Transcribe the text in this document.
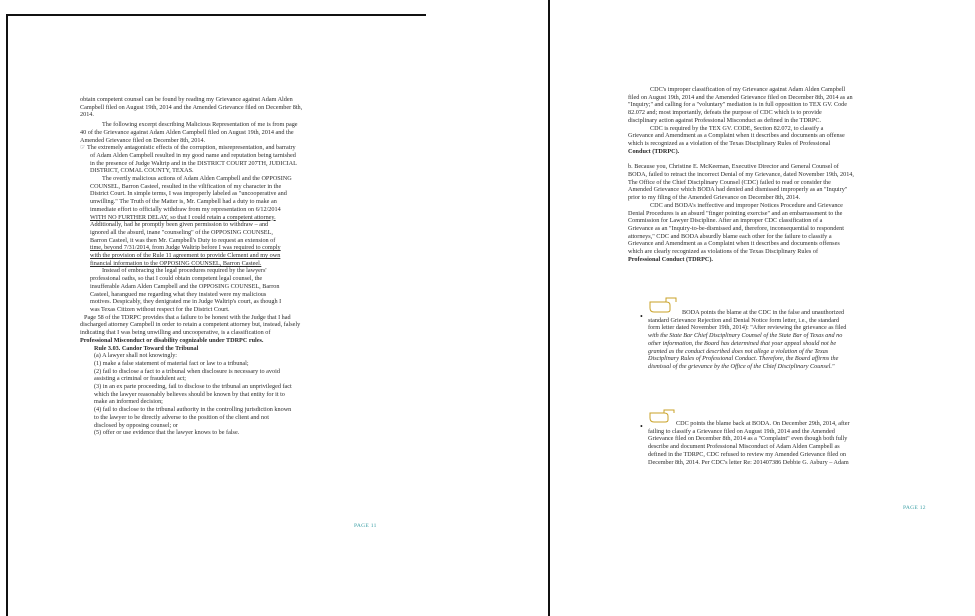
obtain competent counsel can be found by reading my Grievance against Adam Alden

Campbell filed on August 19th, 2014 and the Amended Grievance filed on December 8th,

2014.

The following excerpt describing Malicious Representation of me is from page

40 of the Grievance against Adam Alden Campbell filed on August 19th, 2014 and the

Amended Grievance filed on December 8th, 2014.

☞ The extremely antagonistic effects of the corruption, misrepresentation, and barratry

of Adam Alden Campbell resulted in my good name and reputation being tarnished

in the presence of Judge Waltrip and in the DISTRICT COURT 207TH, JUDICIAL

DISTRICT, COMAL COUNTY, TEXAS.

The overtly malicious actions of Adam Alden Campbell and the OPPOSING

COUNSEL, Barron Casteel, resulted in the vilification of my character in the

District Court. In simple terms, I was improperly labeled as "uncooperative and

unwilling." The Truth of the Matter is, Mr. Campbell had a duty to make an

immediate effort to officially withdraw from my representation on 6/12/2014

WITH NO FURTHER DELAY, so that I could retain a competent attorney.

Additionally, had he promptly been given permission to withdraw – and

ignored all the absurd, inane "counseling" of the OPPOSING COUNSEL,

Barron Casteel, it was then Mr. Campbell's Duty to request an extension of

time, beyond 7/31/2014, from Judge Waltrip before I was required to comply

with the provision of the Rule 11 agreement to provide Clement and my own

financial information to the OPPOSING COUNSEL, Barron Casteel.

Instead of embracing the legal procedures required by the lawyers'

professional oaths, so that I could obtain competent legal counsel, the

insufferable Adam Alden Campbell and the OPPOSING COUNSEL, Barron

Casteel, harangued me regarding what they insisted were my malicious

motives. Despicably, they denigrated me in Judge Waltrip's court, as though I

was Texas Citizen without respect for the District Court.

Page 58 of the TDRPC provides that a failure to be honest with the Judge that I had

discharged attorney Campbell in order to retain a competent attorney but, instead, falsely

indicating that I was being unwilling and uncooperative, is a classification of

Professional Misconduct or disability cognizable under TDRPC rules.

Rule 3.03. Candor Toward the Tribunal

(a) A lawyer shall not knowingly:

(1) make a false statement of material fact or law to a tribunal;

(2) fail to disclose a fact to a tribunal when disclosure is necessary to avoid

assisting a criminal or fraudulent act;

(3) in an ex parte proceeding, fail to disclose to the tribunal an unprivileged fact

which the lawyer reasonably believes should be known by that entity for it to

make an informed decision;

(4) fail to disclose to the tribunal authority in the controlling jurisdiction known

to the lawyer to be directly adverse to the position of the client and not

disclosed by opposing counsel; or

(5) offer or use evidence that the lawyer knows to be false.

PAGE 11

CDC's improper classification of my Grievance against Adam Alden Campbell

filed on August 19th, 2014 and the Amended Grievance filed on December 8th, 2014 as an

"Inquiry;" and calling for a "voluntary" mediation is in full opposition to TEX GV. Code

82.072 and; most importantly, defeats the purpose of CDC which is to provide

disciplinary action against Professional Misconduct as defined in the TDRPC.

CDC is required by the TEX GV. CODE, Section 82.072, to classify a

Grievance and Amendment as a Complaint when it describes and documents an offense

which is recognized as a violation of the Texas Disciplinary Rules of Professional

Conduct (TDRPC).

b. Because you, Christine E. McKeeman, Executive Director and General Counsel of

BODA, failed to retract the incorrect Denial of my Grievance, dated November 19th, 2014,

The Office of the Chief Disciplinary Counsel (CDC) failed to read or consider the

Amended Grievance which BODA had denied and dismissed improperly as an "Inquiry"

prior to my filing of the Amended Grievance on December 8th, 2014.

CDC and BODA's ineffective and improper Notices Procedure and Grievance

Denial Procedures is an absurd "finger pointing exercise" and an embarrassment to the

Commission for Lawyer Discipline. After an improper CDC classification of a

Grievance as an "Inquiry-to-be-dismissed and, therefore, inconsequential to respondent

attorneys," CDC and BODA absurdly blame each other for the failure to classify a

Grievance and Amendment as a Complaint when it describes and documents offenses

which are clearly recognized as violations of the Texas Disciplinary Rules of

Professional Conduct (TDRPC).

•	BODA points the blame at the CDC in the false and unauthorized

standard Grievance Rejection and Denial Notice form letter, i.e., the standard

form letter dated November 19th, 2014): "After reviewing the grievance as filed

with the State Bar Chief Disciplinary Counsel of the State Bar of Texas and no

other information, the Board has determined that your appeal should not be

granted as the conduct described does not allege a violation of the Texas

Disciplinary Rules of Professional Conduct. Therefore, the Board affirms the

dismissal of the grievance by the Office of the Chief Disciplinary Counsel."

•	CDC points the blame back at BODA. On December 29th, 2014, after

failing to classify a Grievance filed on August 19th, 2014 and the Amended

Grievance filed on December 8th, 2014 as a "Complaint" even though both fully

describe and document Professional Misconduct of Adam Alden Campbell as

defined in the TDRPC, CDC refused to review my Amended Grievance filed on

December 8th, 2014. Per CDC's letter Re: 201407386 Debbie G. Asbury – Adam

PAGE 12
